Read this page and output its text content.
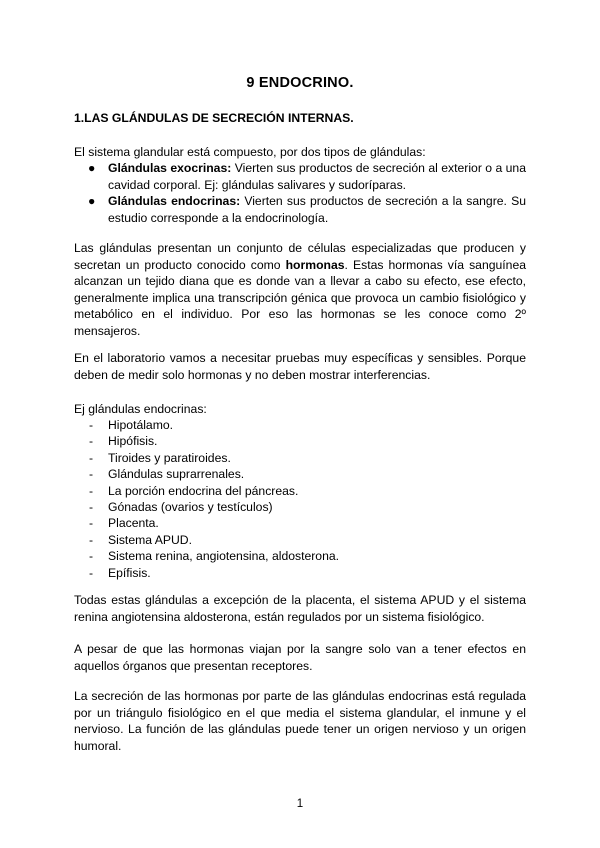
9 ENDOCRINO.
1.LAS GLÁNDULAS DE SECRECIÓN INTERNAS.
El sistema glandular está compuesto, por dos tipos de glándulas:
● Glándulas exocrinas: Vierten sus productos de secreción al exterior o a una cavidad corporal. Ej: glándulas salivares y sudoríparas.
● Glándulas endocrinas: Vierten sus productos de secreción a la sangre. Su estudio corresponde a la endocrinología.
Las glándulas presentan un conjunto de células especializadas que producen y secretan un producto conocido como hormonas. Estas hormonas vía sanguínea alcanzan un tejido diana que es donde van a llevar a cabo su efecto, ese efecto, generalmente implica una transcripción génica que provoca un cambio fisiológico y metabólico en el individuo. Por eso las hormonas se les conoce como 2º mensajeros.
En el laboratorio vamos a necesitar pruebas muy específicas y sensibles. Porque deben de medir solo hormonas y no deben mostrar interferencias.
Ej glándulas endocrinas:
- Hipotálamo.
- Hipófisis.
- Tiroides y paratiroides.
- Glándulas suprarrenales.
- La porción endocrina del páncreas.
- Gónadas (ovarios y testículos)
- Placenta.
- Sistema APUD.
- Sistema renina, angiotensina, aldosterona.
- Epífisis.
Todas estas glándulas a excepción de la placenta, el sistema APUD y el sistema renina angiotensina aldosterona, están regulados por un sistema fisiológico.
A pesar de que las hormonas viajan por la sangre solo van a tener efectos en aquellos órganos que presentan receptores.
La secreción de las hormonas por parte de las glándulas endocrinas está regulada por un triángulo fisiológico en el que media el sistema glandular, el inmune y el nervioso. La función de las glándulas puede tener un origen nervioso y un origen humoral.
1
